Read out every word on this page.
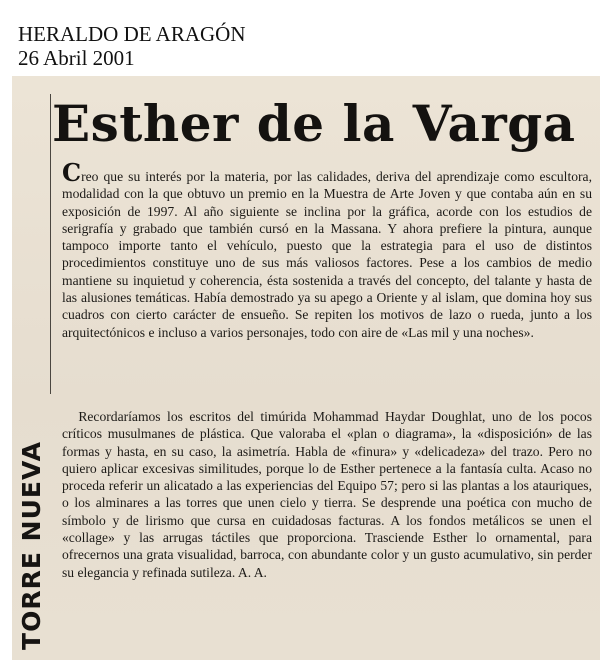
HERALDO DE ARAGÓN
26 Abril 2001
Esther de la Varga

Creo que su interés por la materia, por las calidades, deriva del aprendizaje como escultora, modalidad con la que obtuvo un premio en la Muestra de Arte Joven y que contaba aún en su exposición de 1997. Al año siguiente se inclina por la gráfica, acorde con los estudios de serigrafía y grabado que también cursó en la Massana. Y ahora prefiere la pintura, aunque tampoco importe tanto el vehículo, puesto que la estrategia para el uso de distintos procedimientos constituye uno de sus más valiosos factores. Pese a los cambios de medio mantiene su inquietud y coherencia, ésta sostenida a través del concepto, del talante y hasta de las alusiones temáticas. Había demostrado ya su apego a Oriente y al islam, que domina hoy sus cuadros con cierto carácter de ensueño. Se repiten los motivos de lazo o rueda, junto a los arquitectónicos e incluso a varios personajes, todo con aire de «Las mil y una noches».

Recordaríamos los escritos del timúrida Mohammad Haydar Doughlat, uno de los pocos críticos musulmanes de plástica. Que valoraba el «plan o diagrama», la «disposición» de las formas y hasta, en su caso, la asimetría. Habla de «finura» y «delicadeza» del trazo. Pero no quiero aplicar excesivas similitudes, porque lo de Esther pertenece a la fantasía culta. Acaso no proceda referir un alicatado a las experiencias del Equipo 57; pero si las plantas a los atauriques, o los alminares a las torres que unen cielo y tierra. Se desprende una poética con mucho de símbolo y de lirismo que cursa en cuidadosas facturas. A los fondos metálicos se unen el «collage» y las arrugas táctiles que proporciona. Trasciende Esther lo ornamental, para ofrecernos una grata visualidad, barroca, con abundante color y un gusto acumulativo, sin perder su elegancia y refinada sutileza. A. A.

TORRE NUEVA
